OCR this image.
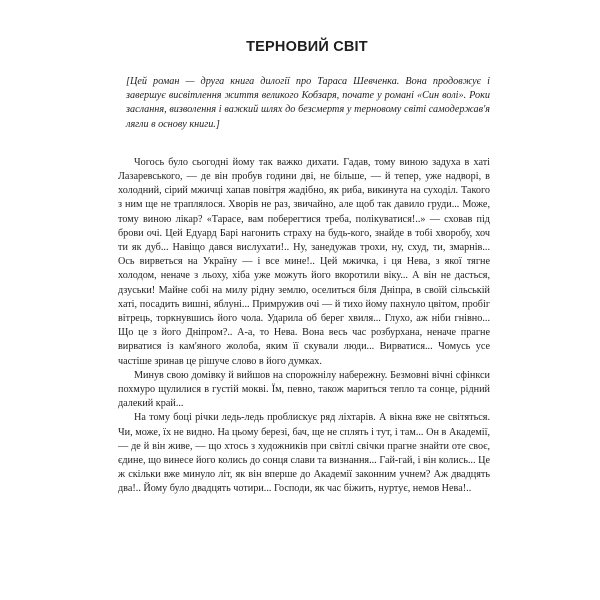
ТЕРНОВИЙ СВІТ

[Цей роман — друга книга дилогії про Тараса Шевченка. Вона продовжує і завершує висвітлення життя великого Кобзаря, почате у романі «Син волі». Роки заслання, визволення і важкий шлях до безсмертя у терновому світі самодержав'я лягли в основу книги.]

Чогось було сьогодні йому так важко дихати. Гадав, тому виною задуха в хаті Лазаревського, — де він пробув години дві, не більше, — й тепер, уже надворі, в холодний, сірий мжичці хапав повітря жадібно, як риба, викинута на суходіл. Такого з ним ще не траплялося. Хворів не раз, звичайно, але щоб так давило груди... Може, тому виною лікар? «Тарасе, вам поберегтися треба, полікуватися!..» — сховав під брови очі. Цей Едуард Барі нагонить страху на будь-кого, знайде в тобі хворобу, хоч ти як дуб... Навіщо дався вислухати!.. Ну, занедужав трохи, ну, схуд, ти, змарнів... Ось вирветься на Україну — і все мине!.. Цей мжичка, і ця Нева, з якої тягне холодом, неначе з льоху, хіба уже можуть його вкоротили віку... А він не дасться, дзуськи! Майне собі на милу рідну землю, оселиться біля Дніпра, в своїй сільській хаті, посадить вишні, яблуні... Примружив очі — й тихо йому пахнуло цвітом, пробіг вітрець, торкнувшись його чола. Ударила об берег хвиля... Глухо, аж ніби гнівно... Що це з його Дніпром?.. А-а, то Нева. Вона весь час розбурхана, неначе прагне вирватися із кам'яного жолоба, яким її скували люди... Вирватися... Чомусь усе частіше зринав це рішуче слово в його думках.

Минув свою домівку й вийшов на спорожнілу набережну. Безмовні вічні сфінкси похмуро щулилися в густій мокві. Їм, певно, також мариться тепло та сонце, рідний далекий край...

На тому боці річки ледь-ледь проблискує ряд ліхтарів. А вікна вже не світяться. Чи, може, їх не видно. На цьому березі, бач, ще не сплять і тут, і там... Он в Академії, — де й він живе, — що хтось з художників при світлі свічки прагне знайти оте своє, єдине, що винесе його колись до сонця слави та визнання... Гай-гай, і він колись... Це ж скільки вже минуло літ, як він вперше до Академії законним учнем? Аж двадцять два!.. Йому було двадцять чотири... Господи, як час біжить, нуртує, немов Нева!..
